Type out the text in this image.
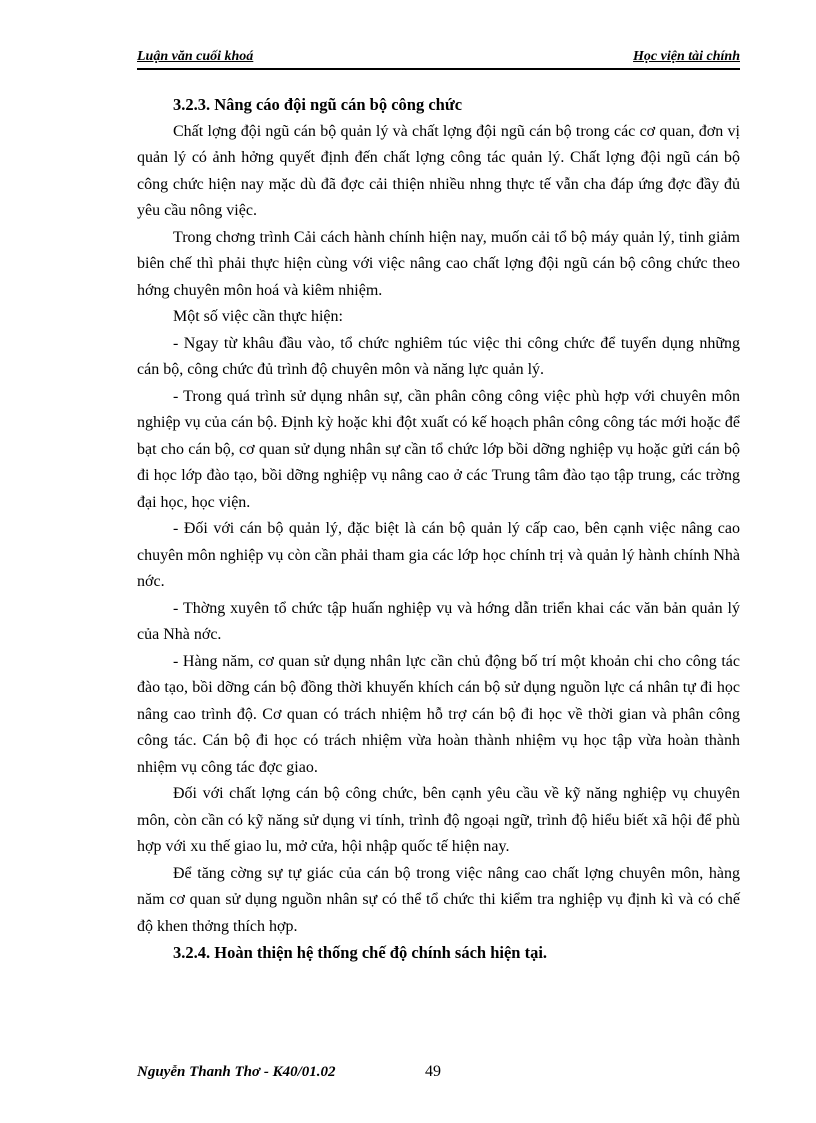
Luận văn cuối khoá	Học viện tài chính

3.2.3. Nâng cáo đội ngũ cán bộ công chức

Chất lợng đội ngũ cán bộ quản lý và chất lợng đội ngũ cán bộ trong các cơ quan, đơn vị quản lý có ảnh hởng quyết định đến chất lợng công tác quản lý. Chất lợng đội ngũ cán bộ công chức hiện nay mặc dù đã đợc cải thiện nhiều nhng thực tế vẫn cha đáp ứng đợc đầy đủ yêu cầu nông việc.

Trong chơng trình Cải cách hành chính hiện nay, muốn cải tổ bộ máy quản lý, tinh giảm biên chế thì phải thực hiện cùng với việc nâng cao chất lợng đội ngũ cán bộ công chức theo hớng chuyên môn hoá và kiêm nhiệm.

Một số việc cần thực hiện:

- Ngay từ khâu đầu vào, tổ chức nghiêm túc việc thi công chức để tuyển dụng những cán bộ, công chức đủ trình độ chuyên môn và năng lực quản lý.

- Trong quá trình sử dụng nhân sự, cần phân công công việc phù hợp với chuyên môn nghiệp vụ của cán bộ. Định kỳ hoặc khi đột xuất có kế hoạch phân công công tác mới hoặc để bạt cho cán bộ, cơ quan sử dụng nhân sự cần tổ chức lớp bồi dỡng nghiệp vụ hoặc gửi cán bộ đi học lớp đào tạo, bồi dỡng nghiệp vụ nâng cao ở các Trung tâm đào tạo tập trung, các trờng đại học, học viện.

- Đối với cán bộ quản lý, đặc biệt là cán bộ quản lý cấp cao, bên cạnh việc nâng cao chuyên môn nghiệp vụ còn cần phải tham gia các lớp học chính trị và quản lý hành chính Nhà nớc.

- Thờng xuyên tổ chức tập huấn nghiệp vụ và hớng dẫn triển khai các văn bản quản lý của Nhà nớc.

- Hàng năm, cơ quan sử dụng nhân lực cần chủ động bố trí một khoản chi cho công tác đào tạo, bồi dỡng cán bộ đồng thời khuyến khích cán bộ sử dụng nguồn lực cá nhân tự đi học nâng cao trình độ. Cơ quan có trách nhiệm hỗ trợ cán bộ đi học về thời gian và phân công công tác. Cán bộ đi học có trách nhiệm vừa hoàn thành nhiệm vụ học tập vừa hoàn thành nhiệm vụ công tác đợc giao.

Đối với chất lợng cán bộ công chức, bên cạnh yêu cầu về kỹ năng nghiệp vụ chuyên môn, còn cần có kỹ năng sử dụng vi tính, trình độ ngoại ngữ, trình độ hiểu biết xã hội để phù hợp với xu thế giao lu, mở cửa, hội nhập quốc tế hiện nay.

Để tăng cờng sự tự giác của cán bộ trong việc nâng cao chất lợng chuyên môn, hàng năm cơ quan sử dụng nguồn nhân sự có thể tổ chức thi kiểm tra nghiệp vụ định kì và có chế độ khen thởng thích hợp.

3.2.4. Hoàn thiện hệ thống chế độ chính sách hiện tại.

Nguyễn Thanh Thơ - K40/01.02	49
